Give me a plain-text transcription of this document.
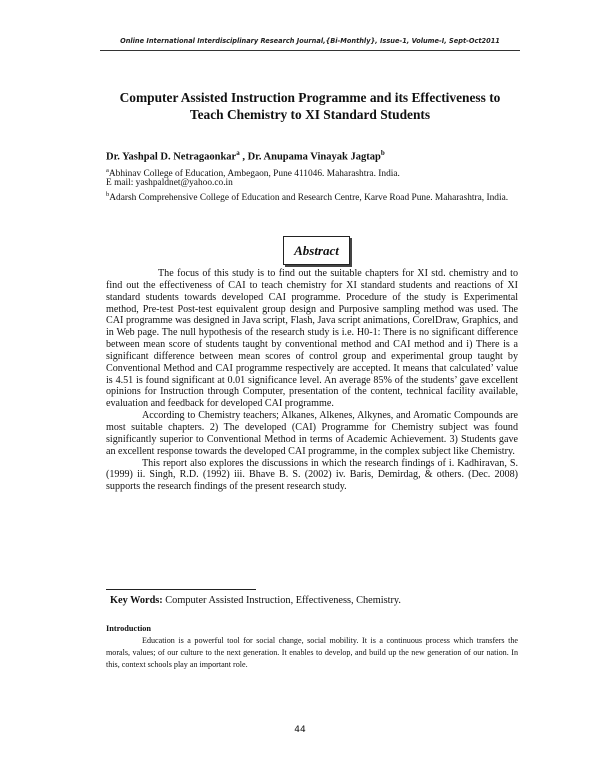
Online International Interdisciplinary Research Journal,{Bi-Monthly}, Issue-1, Volume-I, Sept-Oct2011
Computer Assisted Instruction Programme and its Effectiveness to
Teach Chemistry to XI Standard Students
Dr. Yashpal D. Netragaonkar$^a$ , Dr. Anupama Vinayak Jagtap$^b$
$^a$Abhinav College of Education, Ambegaon, Pune 411046. Maharashtra. India.
E mail: yashpaldnet@yahoo.co.in
$^b$Adarsh Comprehensive College of Education and Research Centre, Karve Road Pune. Maharashtra, India.
Abstract

The focus of this study is to find out the suitable chapters for XI std. chemistry and to find out the effectiveness of CAI to teach chemistry for XI standard students and reactions of XI standard students towards developed CAI programme. Procedure of the study is Experimental method, Pre-test Post-test equivalent group design and Purposive sampling method was used. The CAI programme was designed in Java script, Flash, Java script animations, CorelDraw, Graphics, and in Web page. The null hypothesis of the research study is i.e. H0-1: There is no significant difference between mean score of students taught by conventional method and CAI method and i) There is a significant difference between mean scores of control group and experimental group taught by Conventional Method and CAI programme respectively are accepted. It means that calculated’ value is 4.51 is found significant at 0.01 significance level. An average 85% of the students’ gave excellent opinions for Instruction through Computer, presentation of the content, technical facility available, evaluation and feedback for developed CAI programme.

According to Chemistry teachers; Alkanes, Alkenes, Alkynes, and Aromatic Compounds are most suitable chapters. 2) The developed (CAI) Programme for Chemistry subject was found significantly superior to Conventional Method in terms of Academic Achievement. 3) Students gave an excellent response towards the developed CAI programme, in the complex subject like Chemistry.

This report also explores the discussions in which the research findings of i. Kadhiravan, S. (1999) ii. Singh, R.D. (1992) iii. Bhave B. S. (2002) iv. Baris, Demirdag, & others. (Dec. 2008) supports the research findings of the present research study.

Key Words: Computer Assisted Instruction, Effectiveness, Chemistry.
Introduction

Education is a powerful tool for social change, social mobility. It is a continuous process which transfers the morals, values; of our culture to the next generation. It enables to develop, and build up the new generation of our nation. In this, context schools play an important role.

44
